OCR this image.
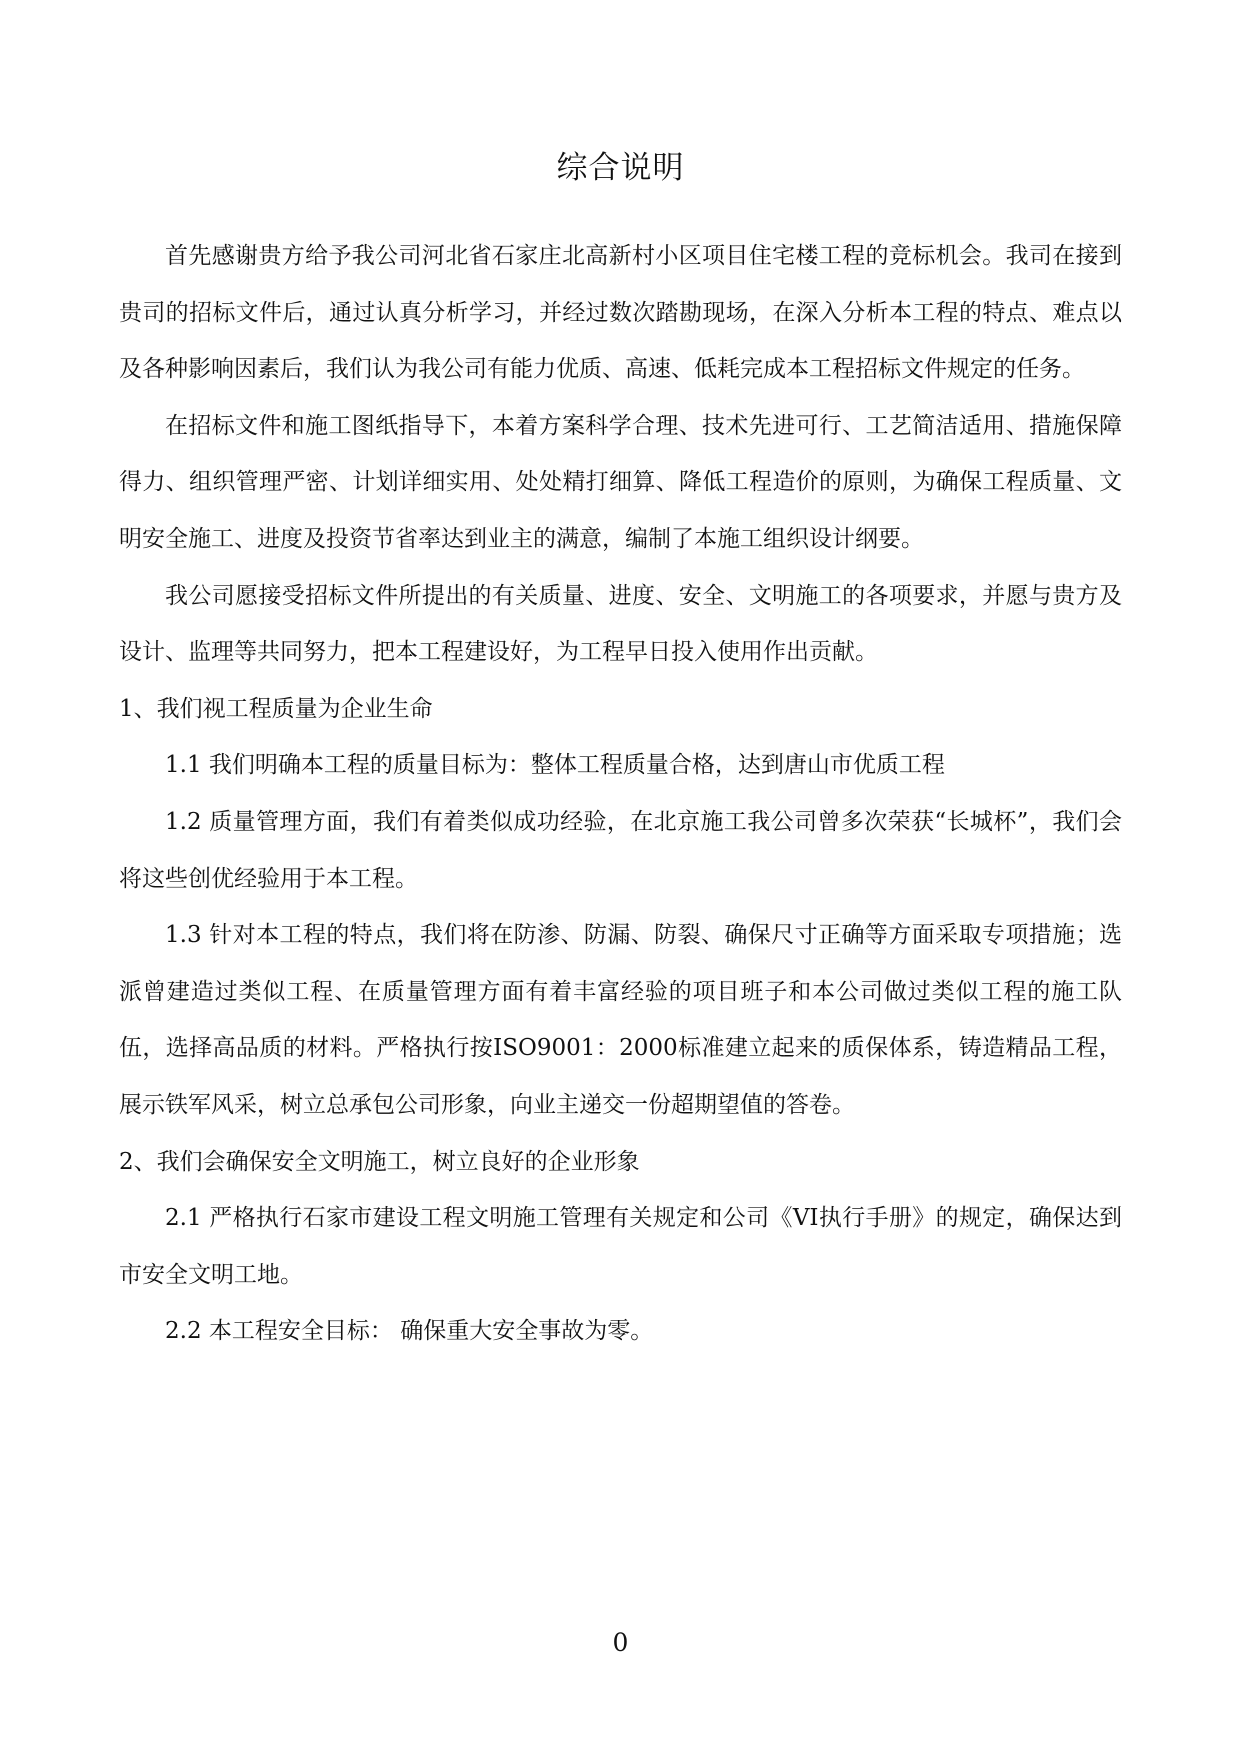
综合说明

首先感谢贵方给予我公司河北省石家庄北高新村小区项目住宅楼工程的竞标机会。我司在接到贵司的招标文件后，通过认真分析学习，并经过数次踏勘现场，在深入分析本工程的特点、难点以及各种影响因素后，我们认为我公司有能力优质、高速、低耗完成本工程招标文件规定的任务。

在招标文件和施工图纸指导下，本着方案科学合理、技术先进可行、工艺简洁适用、措施保障得力、组织管理严密、计划详细实用、处处精打细算、降低工程造价的原则，为确保工程质量、文明安全施工、进度及投资节省率达到业主的满意，编制了本施工组织设计纲要。

我公司愿接受招标文件所提出的有关质量、进度、安全、文明施工的各项要求，并愿与贵方及设计、监理等共同努力，把本工程建设好，为工程早日投入使用作出贡献。

1、我们视工程质量为企业生命

1.1 我们明确本工程的质量目标为：整体工程质量合格，达到唐山市优质工程

1.2 质量管理方面，我们有着类似成功经验，在北京施工我公司曾多次荣获“长城杯”，我们会将这些创优经验用于本工程。

1.3 针对本工程的特点，我们将在防渗、防漏、防裂、确保尺寸正确等方面采取专项措施；选派曾建造过类似工程、在质量管理方面有着丰富经验的项目班子和本公司做过类似工程的施工队伍，选择高品质的材料。严格执行按ISO9001：2000标准建立起来的质保体系，铸造精品工程，展示铁军风采，树立总承包公司形象，向业主递交一份超期望值的答卷。

2、我们会确保安全文明施工，树立良好的企业形象

2.1 严格执行石家市建设工程文明施工管理有关规定和公司《VI执行手册》的规定，确保达到市安全文明工地。

2.2 本工程安全目标： 确保重大安全事故为零。

0
